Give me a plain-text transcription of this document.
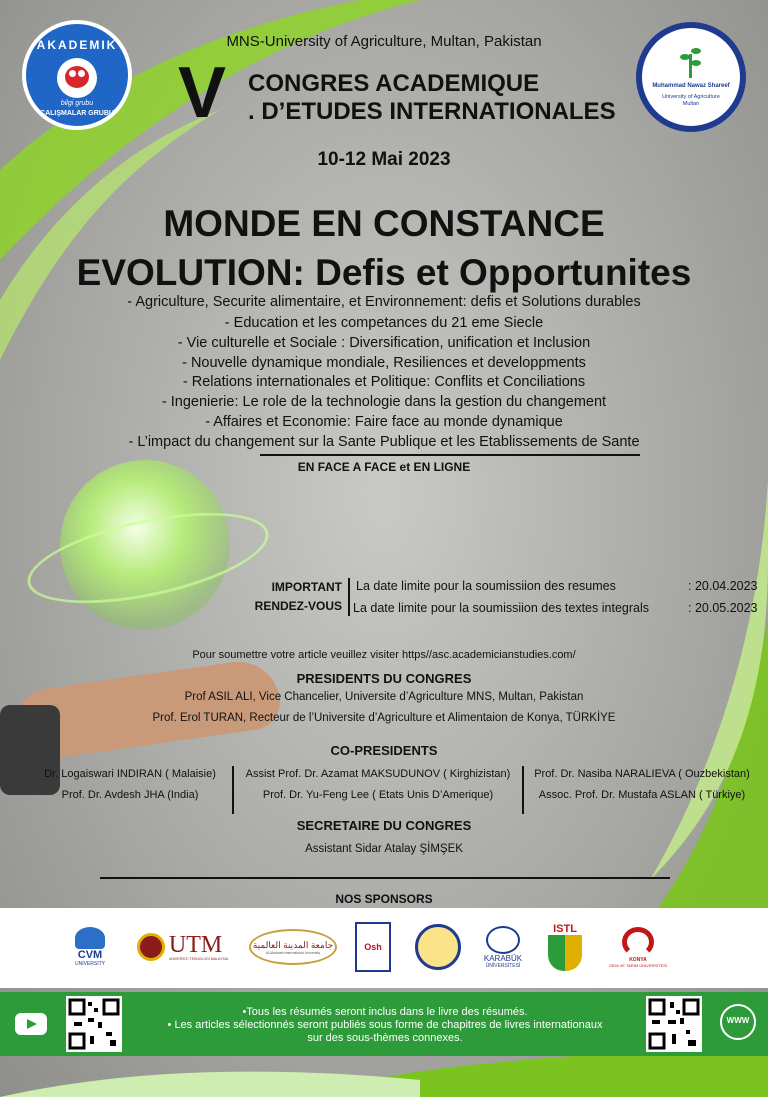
AKADEMIK
bilgi grubu
ÇALIŞMALAR GRUBU
Muhammad Nawaz Shareef
University of Agriculture Multan
MNS-University of Agriculture, Multan, Pakistan
V CONGRES ACADEMIQUE
. D’ETUDES INTERNATIONALES
10-12 Mai 2023
MONDE EN CONSTANCE
EVOLUTION: Defis et Opportunites
- Agriculture, Securite alimentaire, et Environnement: defis et Solutions durables
- Education et les competances du 21 eme Siecle
- Vie culturelle et Sociale : Diversification, unification et Inclusion
- Nouvelle dynamique mondiale, Resiliences et developpments
- Relations internationales et Politique: Conflits et Conciliations
- Ingenierie: Le role de la technologie dans la gestion du changement
- Affaires et Economie: Faire face au monde dynamique
- L’impact du changement sur la Sante Publique et les Etablissements de Sante
EN FACE A FACE et EN LIGNE
IMPORTANT
RENDEZ-VOUS
La date limite pour la soumissiion des resumes	: 20.04.2023
La date limite pour la soumissiion des textes integrals	: 20.05.2023
Pour soumettre votre article veuillez visiter https//asc.academicianstudies.com/
PRESIDENTS DU CONGRES
Prof ASIL ALI, Vice Chancelier, Universite d’Agriculture MNS, Multan, Pakistan
Prof. Erol TURAN, Recteur de l’Universite d’Agriculture et Alimentaion de Konya, TÜRKİYE
CO-PRESIDENTS
Dr. Logaiswari INDIRAN ( Malaisie)
Prof. Dr. Avdesh JHA (India)
Assist Prof. Dr. Azamat MAKSUDUNOV ( Kirghizistan)
Prof. Dr. Yu-Feng Lee ( Etats Unis D’Amerique)
Prof. Dr. Nasiba NARALIEVA ( Ouzbekistan)
Assoc. Prof. Dr. Mustafa ASLAN ( Türkiye)
SECRETAIRE DU CONGRES
Assistant Sidar Atalay ŞİMŞEK
NOS SPONSORS
CVM
UNIVERSITY
UTM
UNIVERSITI TEKNOLOGI MALAYSIA
جامعة المدينة العالمية
Al-Madinah International University
Osh
KARABÜK
ÜNİVERSİTESİ
ISTL
KONYA
GIDA VE TARIM ÜNİVERSİTESİ
•Tous les résumés seront inclus dans le livre des résumés.
• Les articles sélectionnés seront publiés sous forme de chapitres de livres internationaux
sur des sous-thèmes connexes.
WWW
